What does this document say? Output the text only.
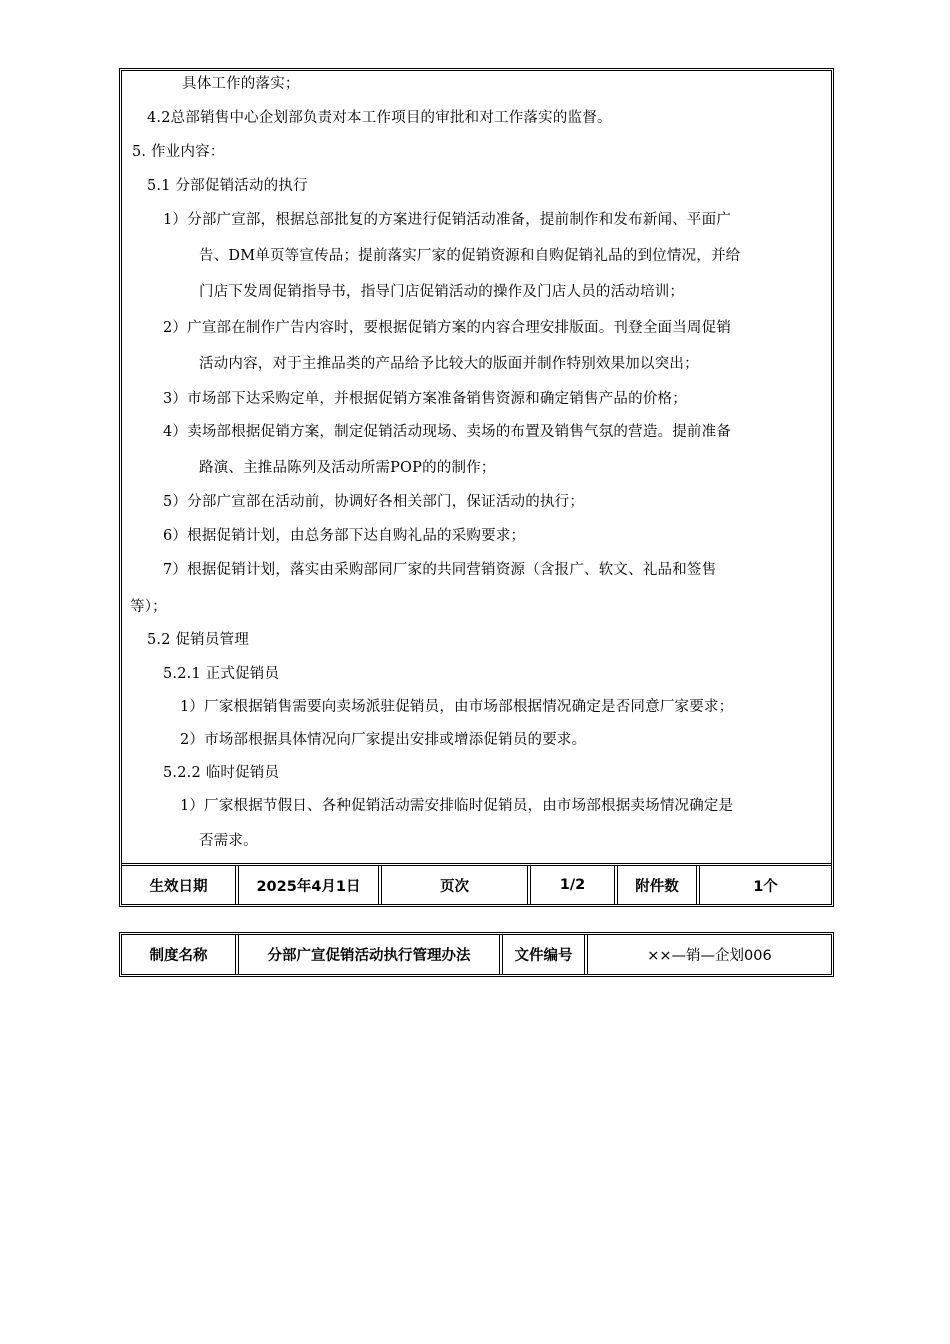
具体工作的落实；
4.2总部销售中心企划部负责对本工作项目的审批和对工作落实的监督。
5. 作业内容：
5.1 分部促销活动的执行
1）分部广宣部，根据总部批复的方案进行促销活动准备，提前制作和发布新闻、平面广
告、DM单页等宣传品；提前落实厂家的促销资源和自购促销礼品的到位情况，并给
门店下发周促销指导书，指导门店促销活动的操作及门店人员的活动培训；
2）广宣部在制作广告内容时，要根据促销方案的内容合理安排版面。刊登全面当周促销
活动内容，对于主推品类的产品给予比较大的版面并制作特别效果加以突出；
3）市场部下达采购定单，并根据促销方案准备销售资源和确定销售产品的价格；
4）卖场部根据促销方案，制定促销活动现场、卖场的布置及销售气氛的营造。提前准备
路演、主推品陈列及活动所需POP的的制作；
5）分部广宣部在活动前，协调好各相关部门，保证活动的执行；
6）根据促销计划，由总务部下达自购礼品的采购要求；
7）根据促销计划，落实由采购部同厂家的共同营销资源（含报广、软文、礼品和签售
等）；
5.2 促销员管理
5.2.1 正式促销员
1）厂家根据销售需要向卖场派驻促销员，由市场部根据情况确定是否同意厂家要求；
2）市场部根据具体情况向厂家提出安排或增添促销员的要求。
5.2.2 临时促销员
1）厂家根据节假日、各种促销活动需安排临时促销员，由市场部根据卖场情况确定是
否需求。
生效日期	2025年4月1日	页次	1/2	附件数	1个
制度名称	分部广宣促销活动执行管理办法	文件编号	××—销—企划006
